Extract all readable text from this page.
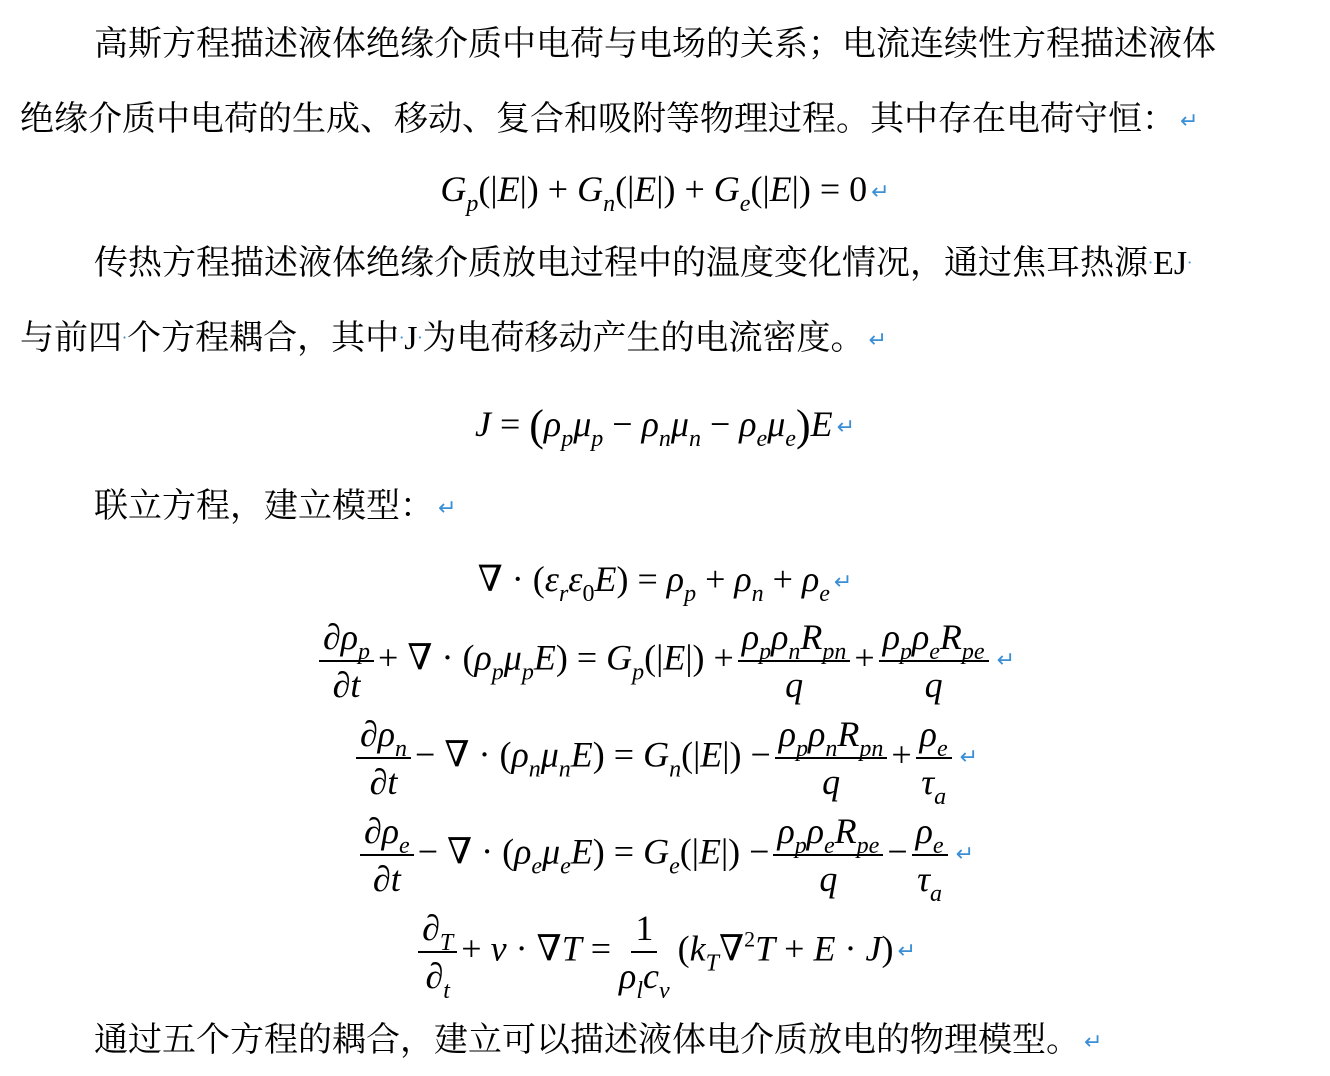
高斯方程描述液体绝缘介质中电荷与电场的关系；电流连续性方程描述液体
绝缘介质中电荷的生成、移动、复合和吸附等物理过程。其中存在电荷守恒： ↵
$G_p(|E|) + G_n(|E|) + G_e(|E|) = 0$ ↵
传热方程描述液体绝缘介质放电过程中的温度变化情况，通过焦耳热源·EJ·
与前四·个方程耦合，其中·J·为电荷移动产生的电流密度。 ↵
$J = (\rho_p\mu_p - \rho_n\mu_n - \rho_e\mu_e)E$ ↵
联立方程，建立模型： ↵
∇ · $(\varepsilon_r\varepsilon_0E) = \rho_p + \rho_n + \rho_e$ ↵
$\frac{\partial\rho_p}{\partial t}$ + ∇ · $(\rho_p\mu_pE) = G_p(|E|) + \frac{\rho_p\rho_nR_{pn}}{q} + \frac{\rho_p\rho_eR_{pe}}{q}$ ↵
$\frac{\partial\rho_n}{\partial t}$ − ∇ · $(\rho_n\mu_nE) = G_n(|E|) - \frac{\rho_p\rho_nR_{pn}}{q} + \frac{\rho_e}{\tau_a}$ ↵
$\frac{\partial\rho_e}{\partial t}$ − ∇ · $(\rho_e\mu_eE) = G_e(|E|) - \frac{\rho_p\rho_eR_{pe}}{q} - \frac{\rho_e}{\tau_a}$ ↵
$\frac{\partial_T}{\partial_t} + v \cdot \nabla T = \frac{1}{\rho_lc_v} (k_T\nabla^2T + E \cdot J)$ ↵
通过五个方程的耦合，建立可以描述液体电介质放电的物理模型。 ↵
